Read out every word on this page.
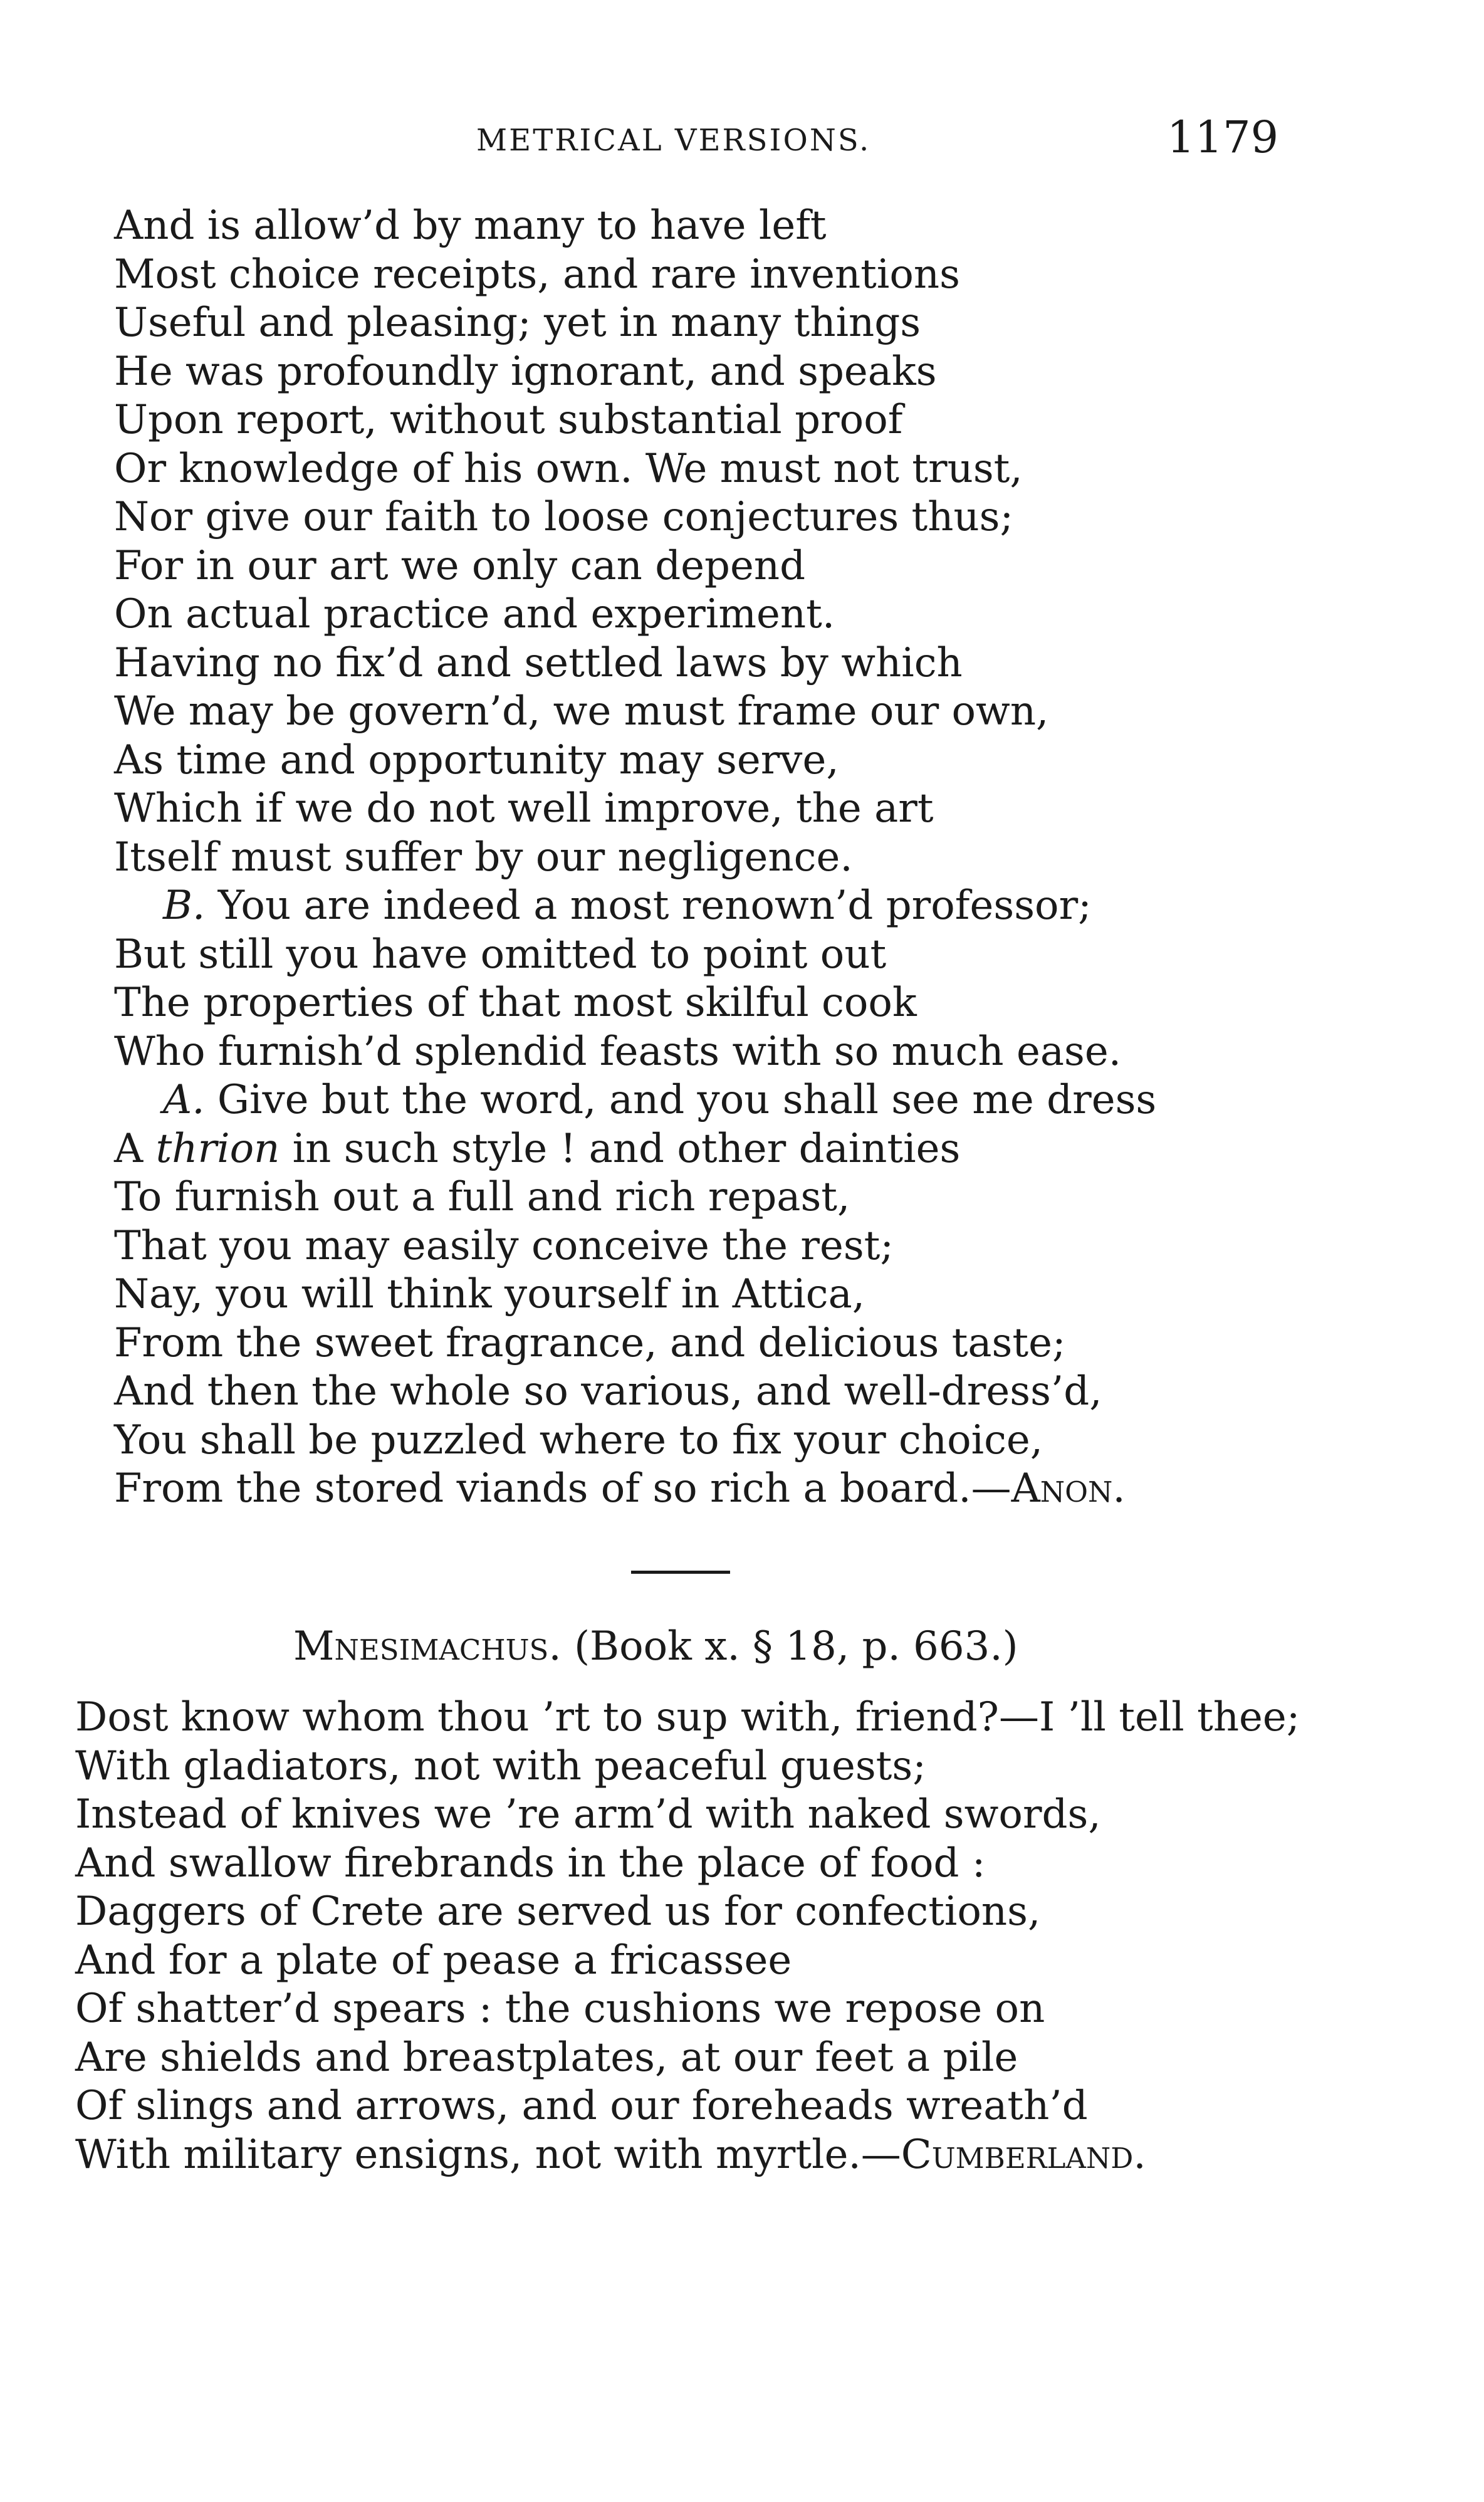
METRICAL VERSIONS.	1179
And is allow’d by many to have left
Most choice receipts, and rare inventions
Useful and pleasing; yet in many things
He was profoundly ignorant, and speaks
Upon report, without substantial proof
Or knowledge of his own. We must not trust,
Nor give our faith to loose conjectures thus;
For in our art we only can depend
On actual practice and experiment.
Having no fix’d and settled laws by which
We may be govern’d, we must frame our own,
As time and opportunity may serve,
Which if we do not well improve, the art
Itself must suffer by our negligence.
B. You are indeed a most renown’d professor;
But still you have omitted to point out
The properties of that most skilful cook
Who furnish’d splendid feasts with so much ease.
A. Give but the word, and you shall see me dress
A thrion in such style ! and other dainties
To furnish out a full and rich repast,
That you may easily conceive the rest;
Nay, you will think yourself in Attica,
From the sweet fragrance, and delicious taste;
And then the whole so various, and well-dress’d,
You shall be puzzled where to fix your choice,
From the stored viands of so rich a board.—Anon.
Mnesimachus. (Book x. § 18, p. 663.)
Dost know whom thou ’rt to sup with, friend?—I ’ll tell thee;
With gladiators, not with peaceful guests;
Instead of knives we ’re arm’d with naked swords,
And swallow firebrands in the place of food :
Daggers of Crete are served us for confections,
And for a plate of pease a fricassee
Of shatter’d spears : the cushions we repose on
Are shields and breastplates, at our feet a pile
Of slings and arrows, and our foreheads wreath’d
With military ensigns, not with myrtle.—Cumberland.
